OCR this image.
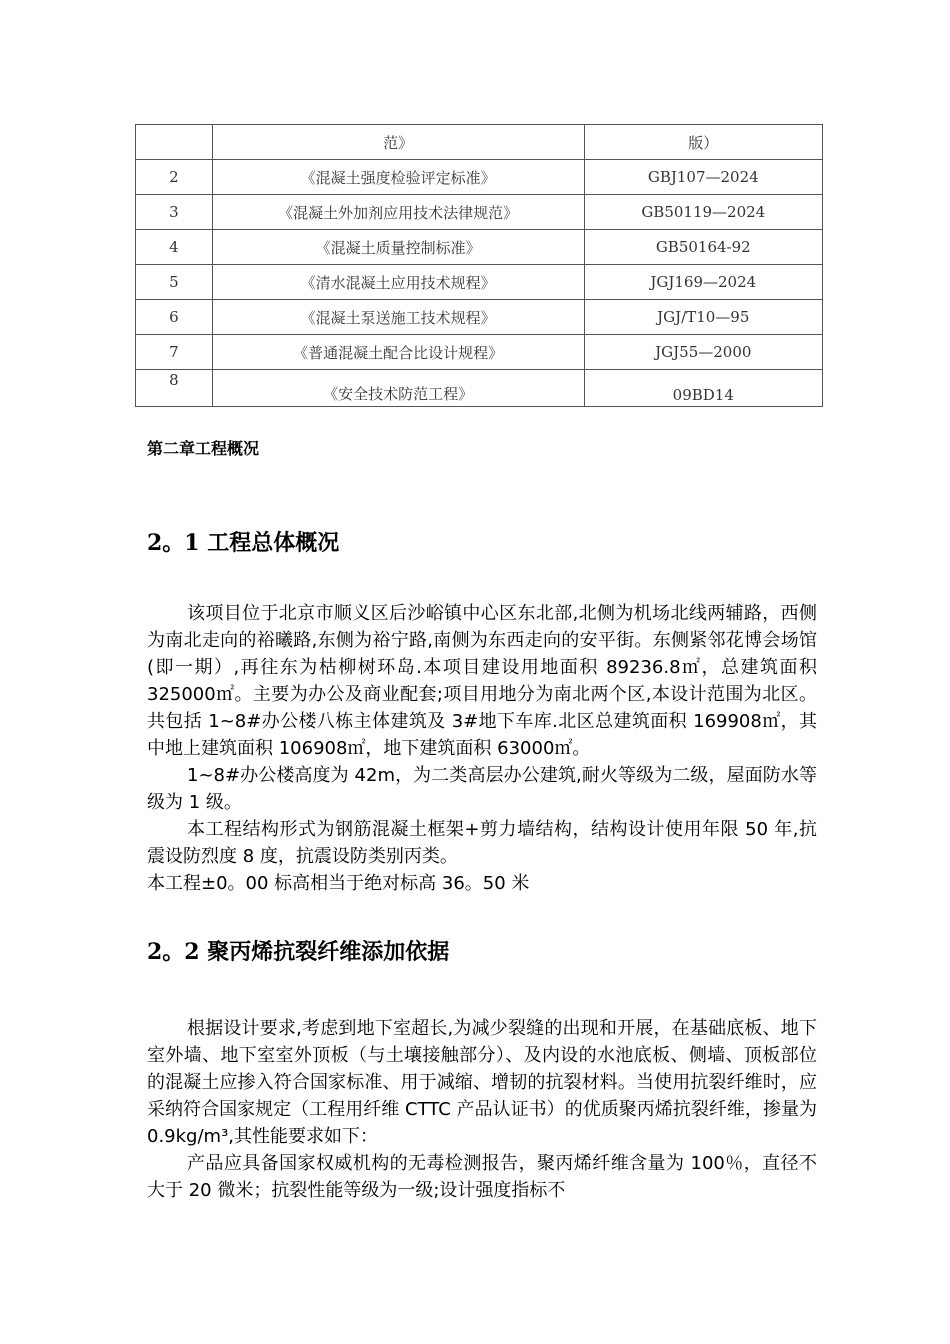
	范》	版）
2	《混凝土强度检验评定标准》	GBJ107—2024
3	《混凝土外加剂应用技术法律规范》	GB50119—2024
4	《混凝土质量控制标准》	GB50164-92
5	《清水混凝土应用技术规程》	JGJ169—2024
6	《混凝土泵送施工技术规程》	JGJ/T10—95
7	《普通混凝土配合比设计规程》	JGJ55—2000
8	《安全技术防范工程》	09BD14
第二章工程概况
2。1 工程总体概况

该项目位于北京市顺义区后沙峪镇中心区东北部,北侧为机场北线两辅路，西侧为南北走向的裕曦路,东侧为裕宁路,南侧为东西走向的安平街。东侧紧邻花博会场馆(即一期）,再往东为枯柳树环岛.本项目建设用地面积 89236.8㎡，总建筑面积 325000㎡。主要为办公及商业配套;项目用地分为南北两个区,本设计范围为北区。共包括 1~8#办公楼八栋主体建筑及 3#地下车库.北区总建筑面积 169908㎡，其中地上建筑面积 106908㎡，地下建筑面积 63000㎡。

1~8#办公楼高度为 42m，为二类高层办公建筑,耐火等级为二级，屋面防水等级为 1 级。

本工程结构形式为钢筋混凝土框架+剪力墙结构，结构设计使用年限 50 年,抗震设防烈度 8 度，抗震设防类别丙类。

本工程±0。00 标高相当于绝对标高 36。50 米

2。2 聚丙烯抗裂纤维添加依据

根据设计要求,考虑到地下室超长,为减少裂缝的出现和开展，在基础底板、地下室外墙、地下室室外顶板（与土壤接触部分）、及内设的水池底板、侧墙、顶板部位的混凝土应掺入符合国家标准、用于减缩、增韧的抗裂材料。当使用抗裂纤维时，应采纳符合国家规定（工程用纤维 CTTC 产品认证书）的优质聚丙烯抗裂纤维，掺量为 0.9kg/m³,其性能要求如下：

产品应具备国家权威机构的无毒检测报告，聚丙烯纤维含量为 100％，直径不大于 20 微米；抗裂性能等级为一级;设计强度指标不
